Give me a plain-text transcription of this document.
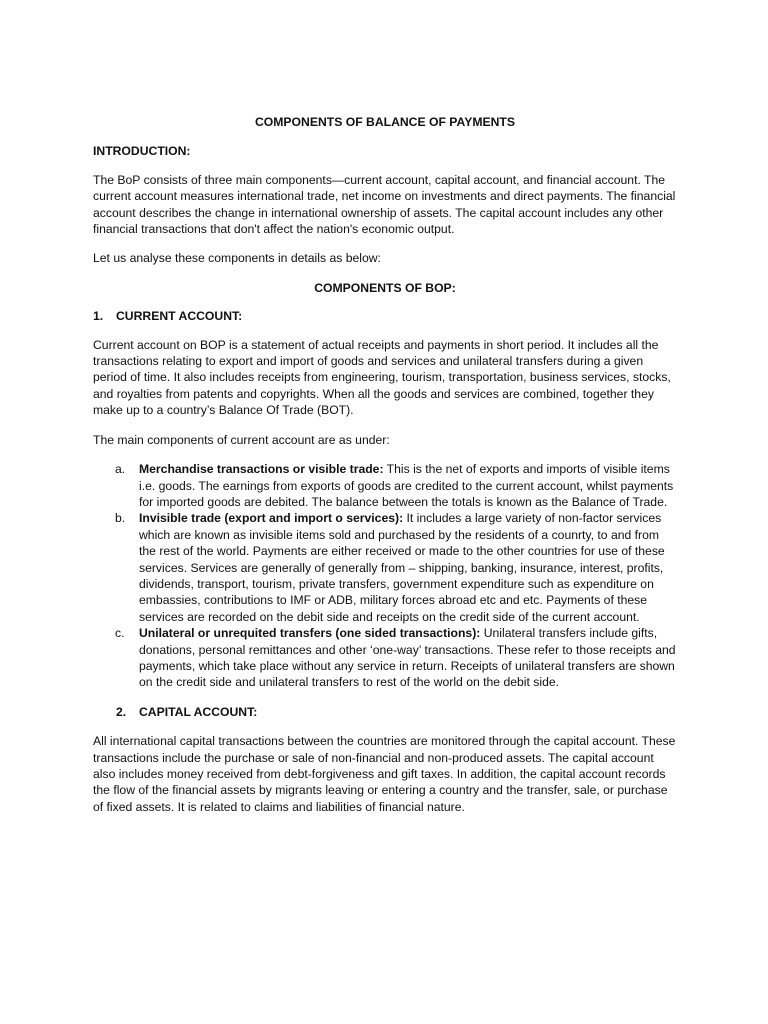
COMPONENTS OF BALANCE OF PAYMENTS
INTRODUCTION:

The BoP consists of three main components—current account, capital account, and financial account. The current account measures international trade, net income on investments and direct payments. The financial account describes the change in international ownership of assets. The capital account includes any other financial transactions that don't affect the nation's economic output.

Let us analyse these components in details as below:

COMPONENTS OF BOP:
1. CURRENT ACCOUNT:

Current account on BOP is a statement of actual receipts and payments in short period. It includes all the transactions relating to export and import of goods and services and unilateral transfers during a given period of time. It also includes receipts from engineering, tourism, transportation, business services, stocks, and royalties from patents and copyrights. When all the goods and services are combined, together they make up to a country’s Balance Of Trade (BOT).

The main components of current account are as under:

a. Merchandise transactions or visible trade: This is the net of exports and imports of visible items i.e. goods. The earnings from exports of goods are credited to the current account, whilst payments for imported goods are debited. The balance between the totals is known as the Balance of Trade.
b. Invisible trade (export and import o services): It includes a large variety of non-factor services which are known as invisible items sold and purchased by the residents of a counrty, to and from the rest of the world. Payments are either received or made to the other countries for use of these services. Services are generally of generally from – shipping, banking, insurance, interest, profits, dividends, transport, tourism, private transfers, government expenditure such as expenditure on embassies, contributions to IMF or ADB, military forces abroad etc and etc. Payments of these services are recorded on the debit side and receipts on the credit side of the current account.
c. Unilateral or unrequited transfers (one sided transactions): Unilateral transfers include gifts, donations, personal remittances and other ‘one-way’ transactions. These refer to those receipts and payments, which take place without any service in return. Receipts of unilateral transfers are shown on the credit side and unilateral transfers to rest of the world on the debit side.
2. CAPITAL ACCOUNT:

All international capital transactions between the countries are monitored through the capital account. These transactions include the purchase or sale of non-financial and non-produced assets. The capital account also includes money received from debt-forgiveness and gift taxes. In addition, the capital account records the flow of the financial assets by migrants leaving or entering a country and the transfer, sale, or purchase of fixed assets. It is related to claims and liabilities of financial nature.
